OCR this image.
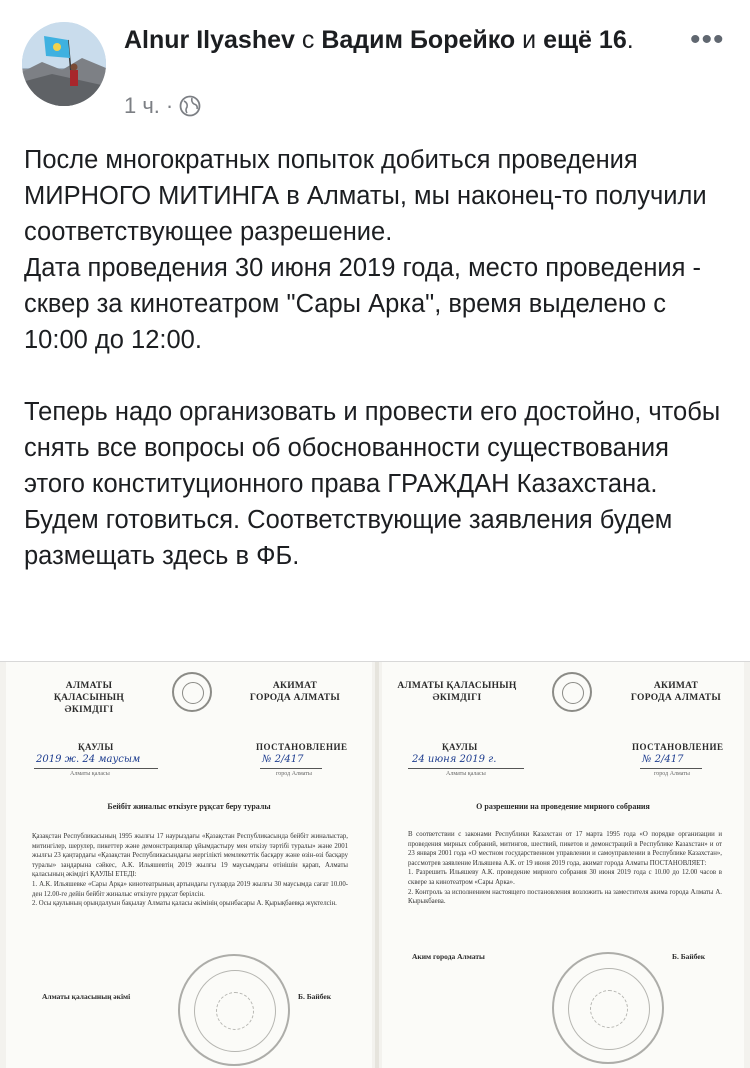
Alnur Ilyashev с Вадим Борейко и ещё 16.
1 ч. ·
•••

После многократных попыток добиться проведения МИРНОГО МИТИНГА в Алматы, мы наконец-то получили соответствующее разрешение.

Дата проведения 30 июня 2019 года, место проведения - сквер за кинотеатром "Сары Арка", время выделено с 10:00 до 12:00.

Теперь надо организовать и провести его достойно, чтобы снять все вопросы об обоснованности существования этого конституционного права ГРАЖДАН Казахстана. Будем готовиться. Соответствующие заявления будем размещать здесь в ФБ.

АЛМАТЫ ҚАЛАСЫНЫҢ
ӘКІМДІГІ
АКИМАТ
ГОРОДА АЛМАТЫ
ҚАУЛЫ	ПОСТАНОВЛЕНИЕ
2019 ж. 24 маусым	№ 2/417
Алматы қаласы	город Алматы
Бейбіт жиналыс өткізуге рұқсат беру туралы
Қазақстан Республикасының 1995 жылғы 17 наурыздағы «Қазақстан Республикасында бейбіт жиналыстар, митингілер, шерулер, пикеттер және демонстрациялар ұйымдастыру мен өткізу тәртібі туралы» және 2001 жылғы 23 қаңтардағы «Қазақстан Республикасындағы жергілікті мемлекеттік басқару және өзін-өзі басқару туралы» заңдарына сәйкес, А.К. Ильяшевтің 2019 жылғы 19 маусымдағы өтінішін қарап, Алматы қаласының әкімдігі ҚАУЛЫ ЕТЕДІ:
1. А.К. Ильяшевке «Сары Арқа» кинотеатрының артындағы гүлзарда 2019 жылғы 30 маусымда сағат 10.00-ден 12.00-ге дейін бейбіт жиналыс өткізуге рұқсат берілсін.
2. Осы қаулының орындалуын бақылау Алматы қаласы әкімінің орынбасары А. Қырықбаевқа жүктелсін.
Алматы қаласының әкімі	Б. Байбек
АЛМАТЫ ҚАЛАСЫНЫҢ
ӘКІМДІГІ
АКИМАТ
ГОРОДА АЛМАТЫ
ҚАУЛЫ	ПОСТАНОВЛЕНИЕ
24 июня 2019 г.	№ 2/417
Алматы қаласы	город Алматы
О разрешении на проведение мирного собрания
В соответствии с законами Республики Казахстан от 17 марта 1995 года «О порядке организации и проведения мирных собраний, митингов, шествий, пикетов и демонстраций в Республике Казахстан» и от 23 января 2001 года «О местном государственном управлении и самоуправлении в Республике Казахстан», рассмотрев заявление Ильяшева А.К. от 19 июня 2019 года, акимат города Алматы ПОСТАНОВЛЯЕТ:
1. Разрешить Ильяшеву А.К. проведение мирного собрания 30 июня 2019 года с 10.00 до 12.00 часов в сквере за кинотеатром «Сары Арка».
2. Контроль за исполнением настоящего постановления возложить на заместителя акима города Алматы А. Кырыкбаева.
Аким города Алматы	Б. Байбек
